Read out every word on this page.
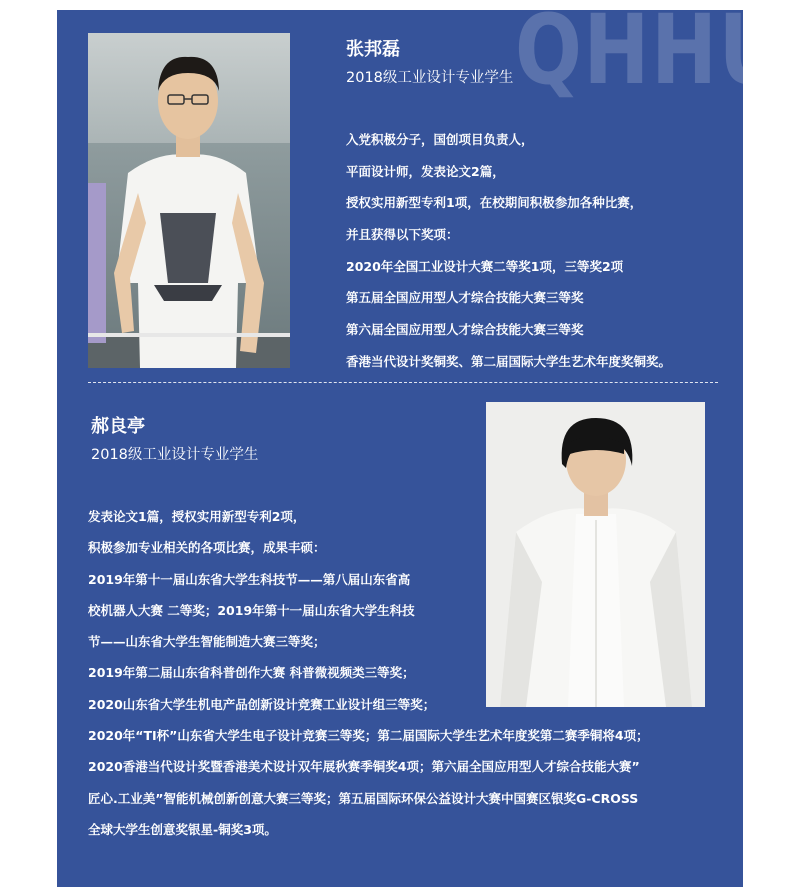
QHHU
张邦磊
2018级工业设计专业学生
入党积极分子，国创项目负责人，
平面设计师，发表论文2篇，
授权实用新型专利1项，在校期间积极参加各种比赛，
并且获得以下奖项：
2020年全国工业设计大赛二等奖1项，三等奖2项
第五届全国应用型人才综合技能大赛三等奖
第六届全国应用型人才综合技能大赛三等奖
香港当代设计奖铜奖、第二届国际大学生艺术年度奖铜奖。
郝良亭
2018级工业设计专业学生
发表论文1篇，授权实用新型专利2项，
积极参加专业相关的各项比赛，成果丰硕：
2019年第十一届山东省大学生科技节——第八届山东省高
校机器人大赛 二等奖；2019年第十一届山东省大学生科技
节——山东省大学生智能制造大赛三等奖；
2019年第二届山东省科普创作大赛 科普微视频类三等奖；
2020山东省大学生机电产品创新设计竞赛工业设计组三等奖；
2020年“TI杯”山东省大学生电子设计竞赛三等奖；第二届国际大学生艺术年度奖第二赛季铜将4项；
2020香港当代设计奖暨香港美术设计双年展秋赛季铜奖4项；第六届全国应用型人才综合技能大赛”
匠心.工业美”智能机械创新创意大赛三等奖；第五届国际环保公益设计大赛中国赛区银奖G-CROSS
全球大学生创意奖银星-铜奖3项。
